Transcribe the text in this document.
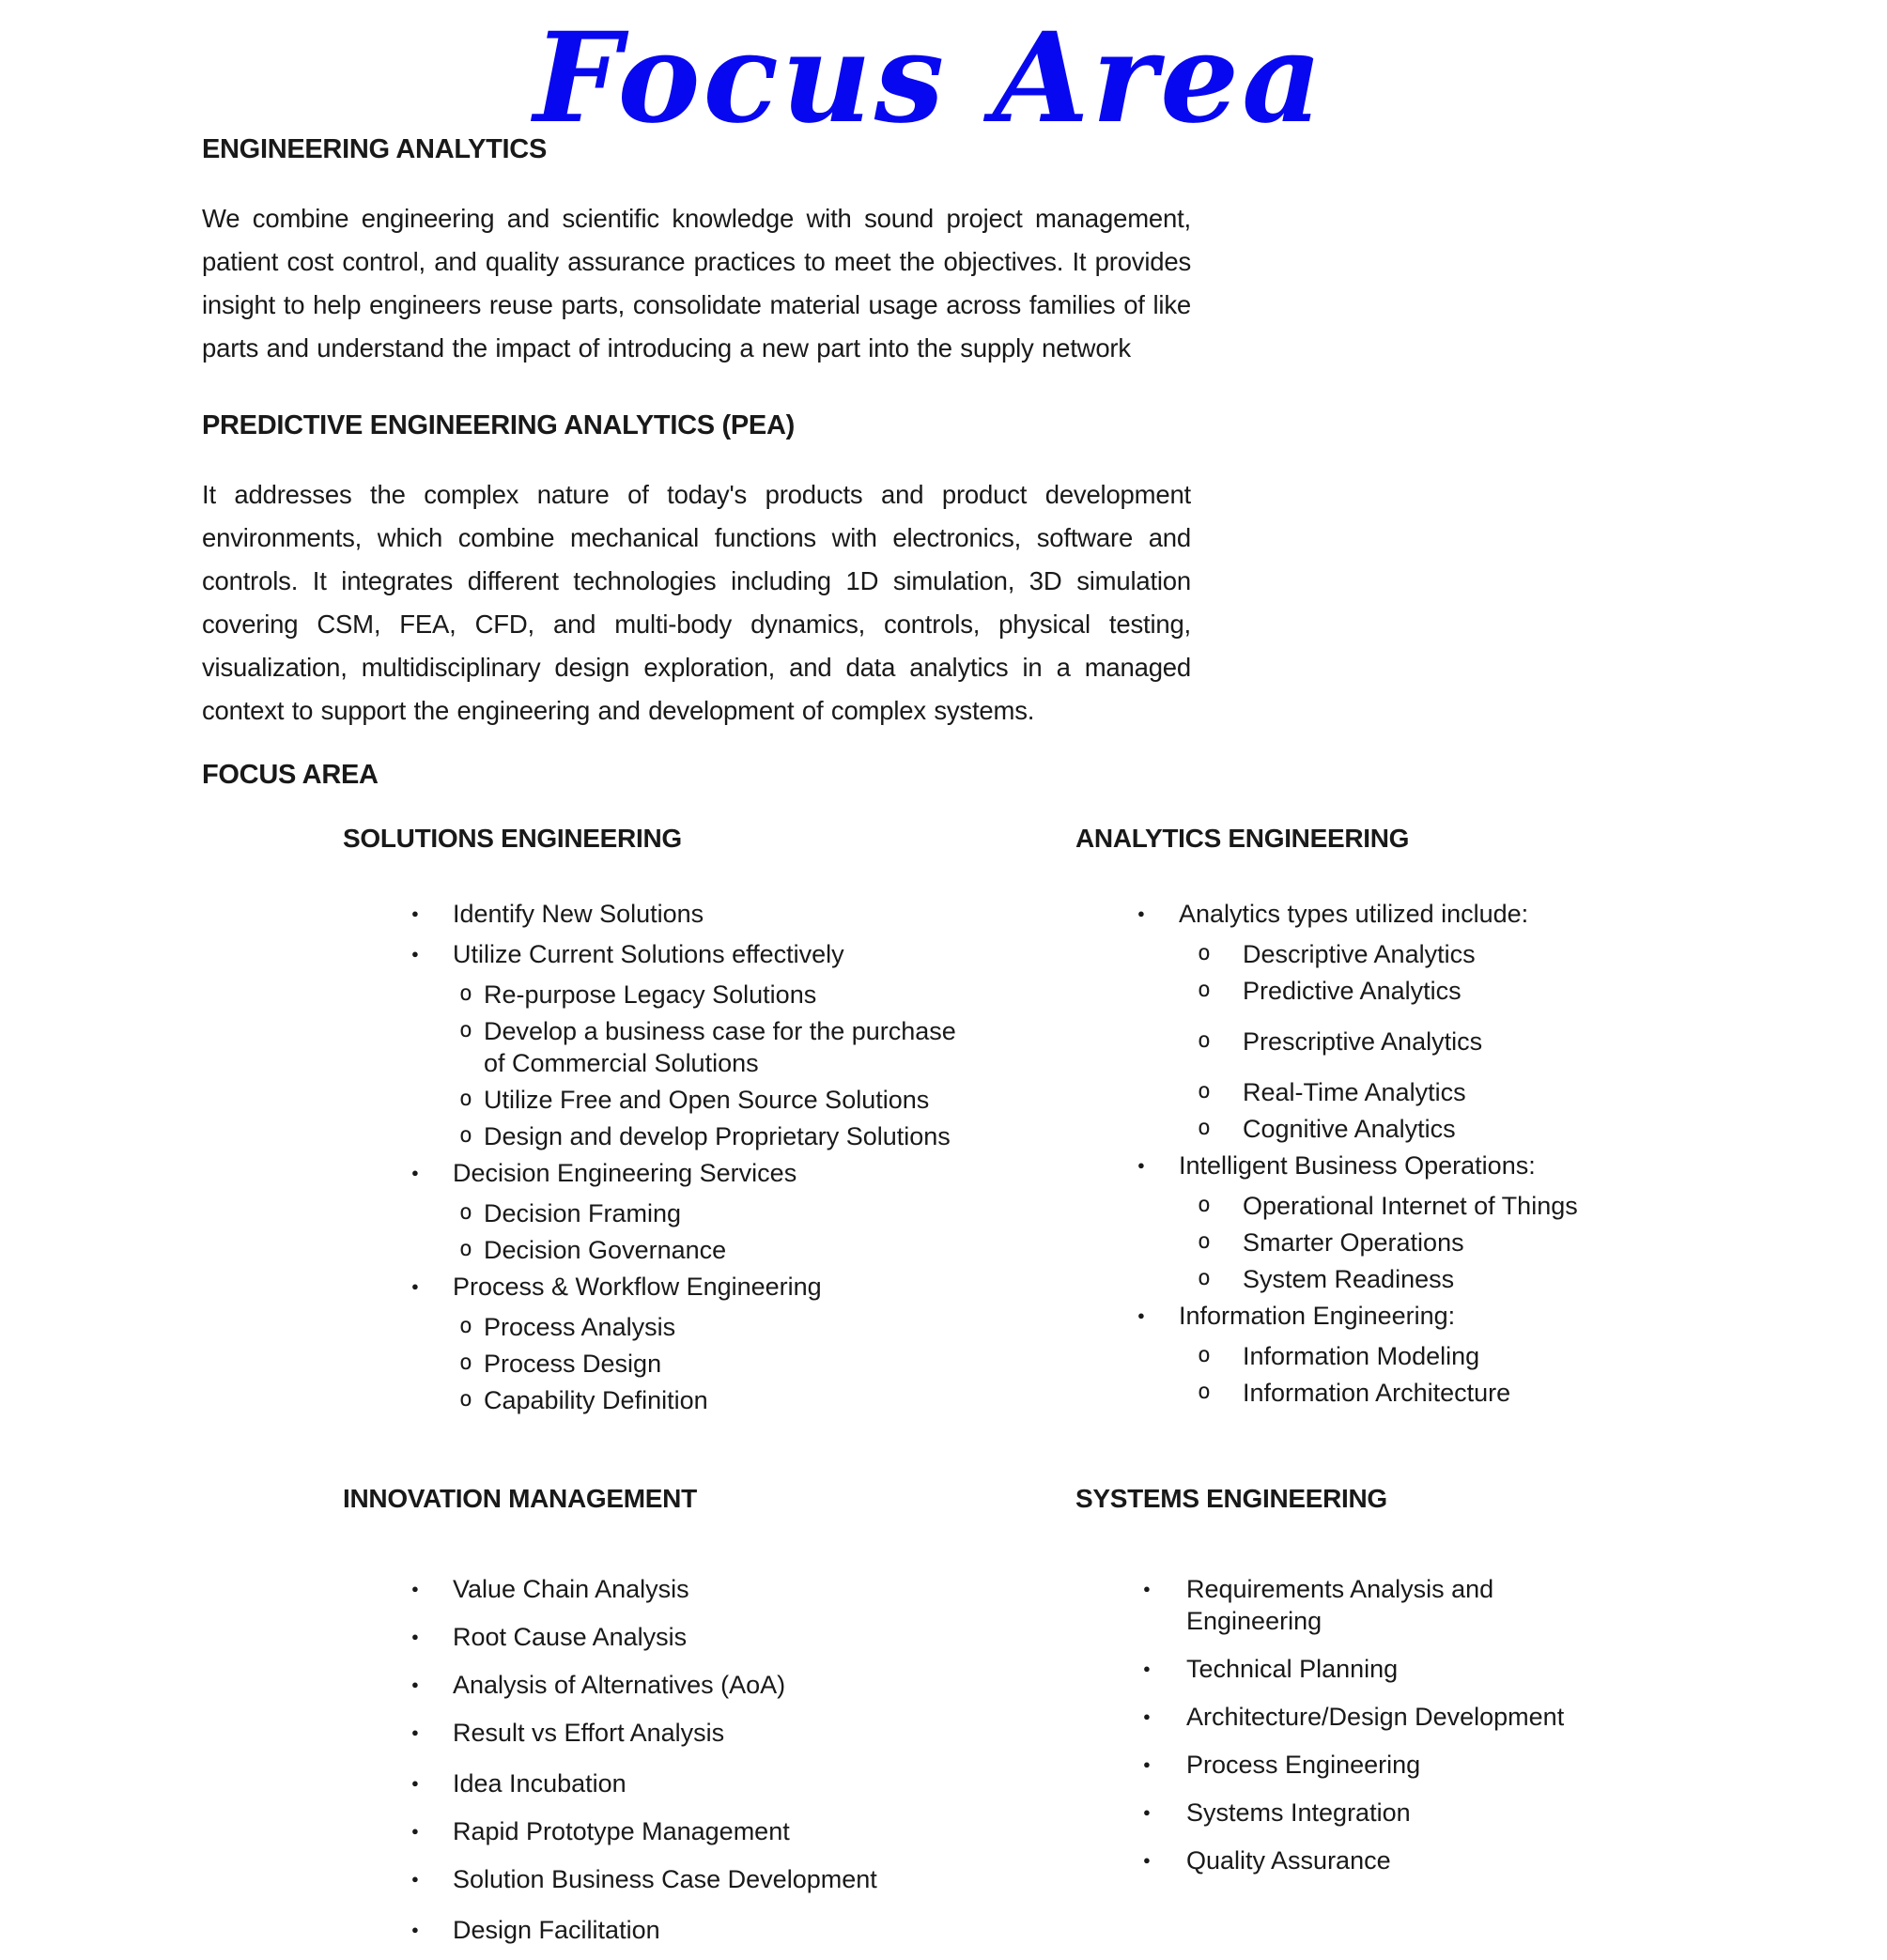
Focus Area
ENGINEERING ANALYTICS

We combine engineering and scientific knowledge with sound project management, patient cost control, and quality assurance practices to meet the objectives. It provides insight to help engineers reuse parts, consolidate material usage across families of like parts and understand the impact of introducing a new part into the supply network

PREDICTIVE ENGINEERING ANALYTICS (PEA)

It addresses the complex nature of today's products and product development environments, which combine mechanical functions with electronics, software and controls. It integrates different technologies including 1D simulation, 3D simulation covering CSM, FEA, CFD, and multi-body dynamics, controls, physical testing, visualization, multidisciplinary design exploration, and data analytics in a managed context to support the engineering and development of complex systems.

FOCUS AREA
SOLUTIONS ENGINEERING
● Identify New Solutions
● Utilize Current Solutions effectively
o Re-purpose Legacy Solutions
o Develop a business case for the purchase
of Commercial Solutions
o Utilize Free and Open Source Solutions
o Design and develop Proprietary Solutions
● Decision Engineering Services
o Decision Framing
o Decision Governance
● Process & Workflow Engineering
o Process Analysis
o Process Design
o Capability Definition
ANALYTICS ENGINEERING
● Analytics types utilized include:
o Descriptive Analytics
o Predictive Analytics
o Prescriptive Analytics
o Real-Time Analytics
o Cognitive Analytics
● Intelligent Business Operations:
o Operational Internet of Things
o Smarter Operations
o System Readiness
● Information Engineering:
o Information Modeling
o Information Architecture
INNOVATION MANAGEMENT
● Value Chain Analysis
● Root Cause Analysis
● Analysis of Alternatives (AoA)
● Result vs Effort Analysis
● Idea Incubation
● Rapid Prototype Management
● Solution Business Case Development
● Design Facilitation
SYSTEMS ENGINEERING
● Requirements Analysis and
Engineering
● Technical Planning
● Architecture/Design Development
● Process Engineering
● Systems Integration
● Quality Assurance
